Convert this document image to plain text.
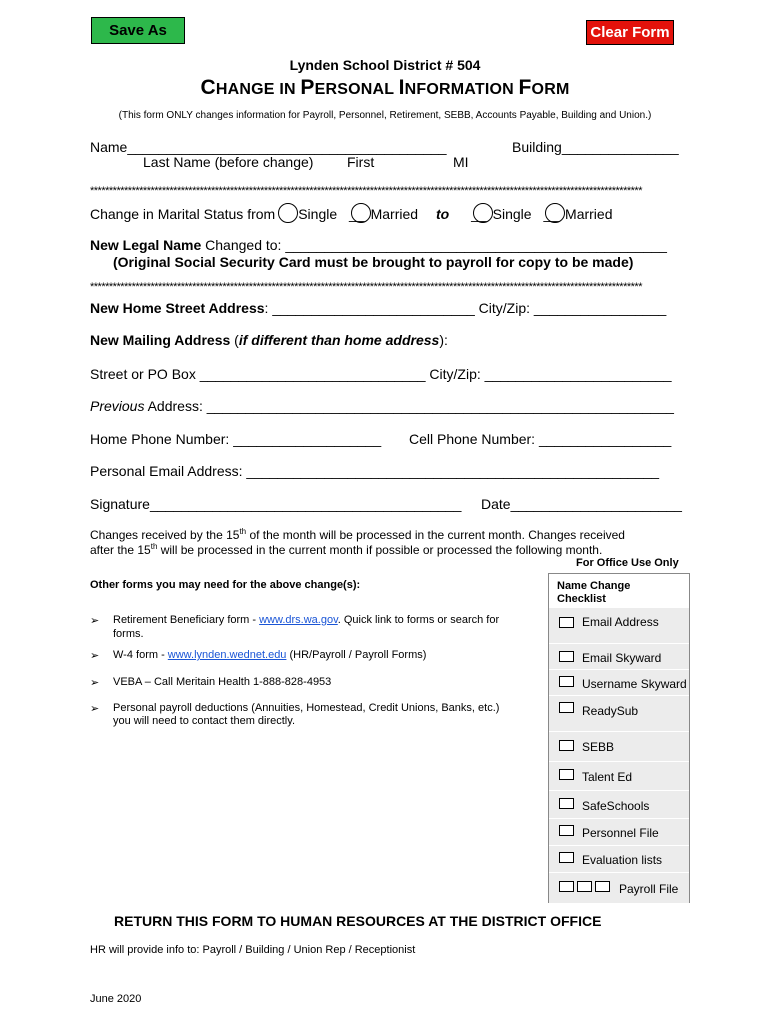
Save As	Clear Form
Lynden School District # 504
CHANGE IN PERSONAL INFORMATION FORM
(This form ONLY changes information for Payroll, Personnel, Retirement, SEBB, Accounts Payable, Building and Union.)
Name_________________________________________	Building_______________
Last Name (before change) First	MI
**************************************************************************************************************************************************
Change in Marital Status from Single __ Married to __ Single __ Married
New Legal Name Changed to: _________________________________________________
(Original Social Security Card must be brought to payroll for copy to be made)
**************************************************************************************************************************************************
New Home Street Address: __________________________ City/Zip: _________________
New Mailing Address (if different than home address):
Street or PO Box _____________________________ City/Zip: ________________________
Previous Address: ____________________________________________________________
Home Phone Number: ___________________ Cell Phone Number: _________________
Personal Email Address: _____________________________________________________
Signature________________________________________ Date______________________
Changes received by the 15th of the month will be processed in the current month. Changes received
after the 15th will be processed in the current month if possible or processed the following month.
For Office Use Only
Other forms you may need for the above change(s):
➢ Retirement Beneficiary form - www.drs.wa.gov. Quick link to forms or search for
forms.
➢ W-4 form - www.lynden.wednet.edu (HR/Payroll / Payroll Forms)
➢ VEBA – Call Meritain Health 1-888-828-4953
➢ Personal payroll deductions (Annuities, Homestead, Credit Unions, Banks, etc.)
you will need to contact them directly.
Name Change
Checklist
Email Address
Email Skyward
Username Skyward
ReadySub
SEBB
Talent Ed
SafeSchools
Personnel File
Evaluation lists
Payroll File
RETURN THIS FORM TO HUMAN RESOURCES AT THE DISTRICT OFFICE
HR will provide info to: Payroll / Building / Union Rep / Receptionist
June 2020
